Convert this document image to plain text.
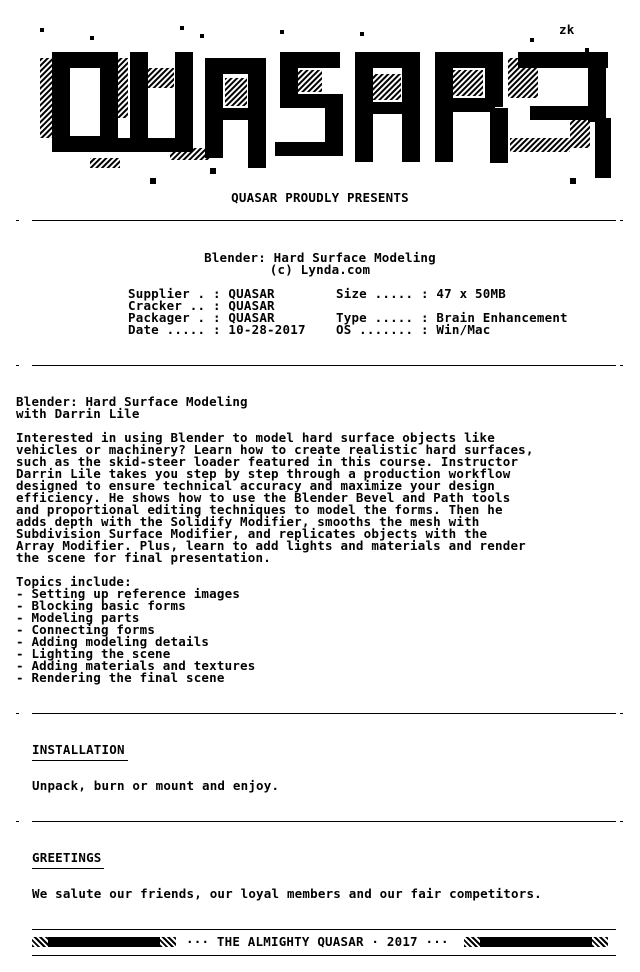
zk
QUASAR PROUDLY PRESENTS
Blender: Hard Surface Modeling
(c) Lynda.com
Supplier . : QUASAR
Cracker .. : QUASAR
Packager . : QUASAR
Date ..... : 10-28-2017
Size ..... : 47 x 50MB
Type ..... : Brain Enhancement
OS ....... : Win/Mac
Blender: Hard Surface Modeling
with Darrin Lile
Interested in using Blender to model hard surface objects like
vehicles or machinery? Learn how to create realistic hard surfaces,
such as the skid-steer loader featured in this course. Instructor
Darrin Lile takes you step by step through a production workflow
designed to ensure technical accuracy and maximize your design
efficiency. He shows how to use the Blender Bevel and Path tools
and proportional editing techniques to model the forms. Then he
adds depth with the Solidify Modifier, smooths the mesh with
Subdivision Surface Modifier, and replicates objects with the
Array Modifier. Plus, learn to add lights and materials and render
the scene for final presentation.
Topics include:
- Setting up reference images
- Blocking basic forms
- Modeling parts
- Connecting forms
- Adding modeling details
- Lighting the scene
- Adding materials and textures
- Rendering the final scene
INSTALLATION
Unpack, burn or mount and enjoy.
GREETINGS
We salute our friends, our loyal members and our fair competitors.
··· THE ALMIGHTY QUASAR · 2017 ···
